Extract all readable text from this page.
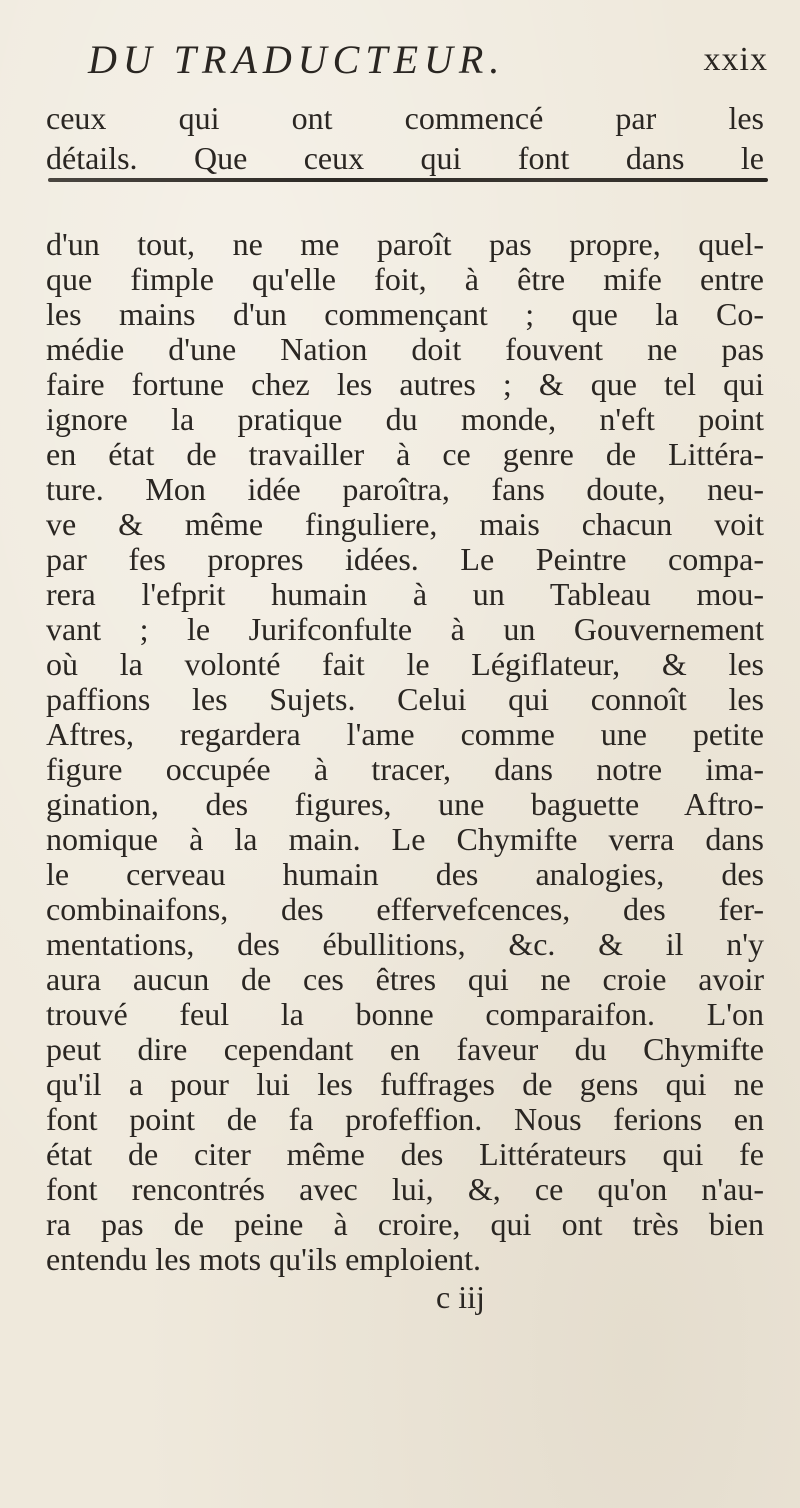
DU TRADUCTEUR.	xxix
ceux qui ont commencé par les
détails. Que ceux qui font dans le
d'un tout, ne me paroît pas propre, quel-
que fimple qu'elle foit, à être mife entre
les mains d'un commençant ; que la Co-
médie d'une Nation doit fouvent ne pas
faire fortune chez les autres ; & que tel qui
ignore la pratique du monde, n'eft point
en état de travailler à ce genre de Littéra-
ture. Mon idée paroîtra, fans doute, neu-
ve & même finguliere, mais chacun voit
par fes propres idées. Le Peintre compa-
rera l'efprit humain à un Tableau mou-
vant ; le Jurifconfulte à un Gouvernement
où la volonté fait le Légiflateur, & les
paffions les Sujets. Celui qui connoît les
Aftres, regardera l'ame comme une petite
figure occupée à tracer, dans notre ima-
gination, des figures, une baguette Aftro-
nomique à la main. Le Chymifte verra dans
le cerveau humain des analogies, des
combinaifons, des effervefcences, des fer-
mentations, des ébullitions, &c. & il n'y
aura aucun de ces êtres qui ne croie avoir
trouvé feul la bonne comparaifon. L'on
peut dire cependant en faveur du Chymifte
qu'il a pour lui les fuffrages de gens qui ne
font point de fa profeffion. Nous ferions en
état de citer même des Littérateurs qui fe
font rencontrés avec lui, &, ce qu'on n'au-
ra pas de peine à croire, qui ont très bien
entendu les mots qu'ils emploient.
c iij
